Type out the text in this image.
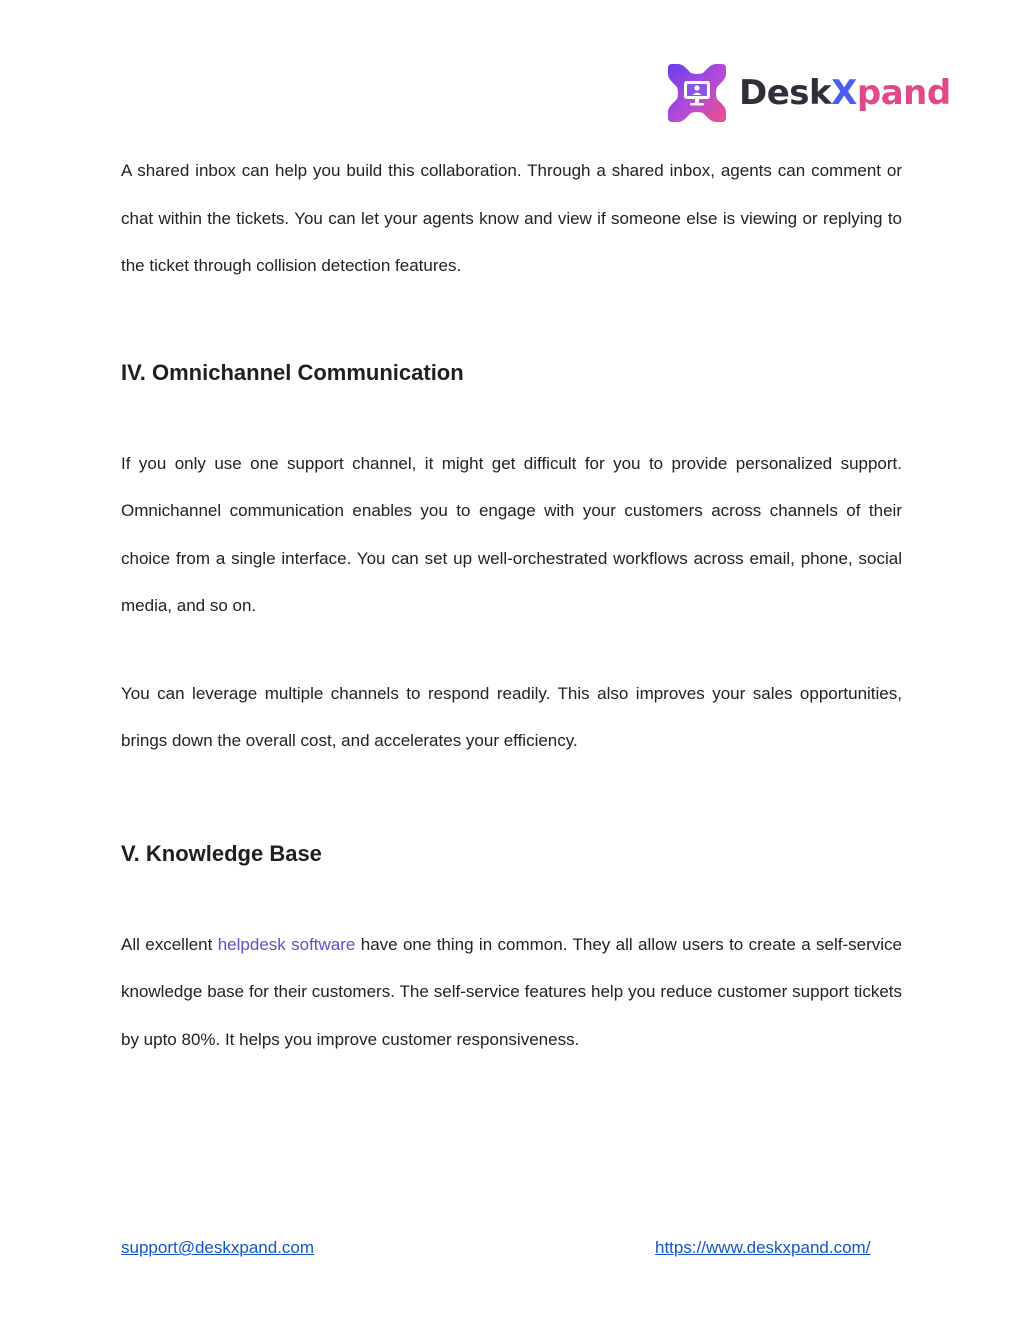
DeskXpand

A shared inbox can help you build this collaboration. Through a shared inbox, agents can comment or chat within the tickets. You can let your agents know and view if someone else is viewing or replying to the ticket through collision detection features.

IV. Omnichannel Communication

If you only use one support channel, it might get difficult for you to provide personalized support. Omnichannel communication enables you to engage with your customers across channels of their choice from a single interface. You can set up well-orchestrated workflows across email, phone, social media, and so on.

You can leverage multiple channels to respond readily. This also improves your sales opportunities, brings down the overall cost, and accelerates your efficiency.

V. Knowledge Base

All excellent helpdesk software have one thing in common. They all allow users to create a self-service knowledge base for their customers. The self-service features help you reduce customer support tickets by upto 80%. It helps you improve customer responsiveness.

support@deskxpand.com	https://www.deskxpand.com/
